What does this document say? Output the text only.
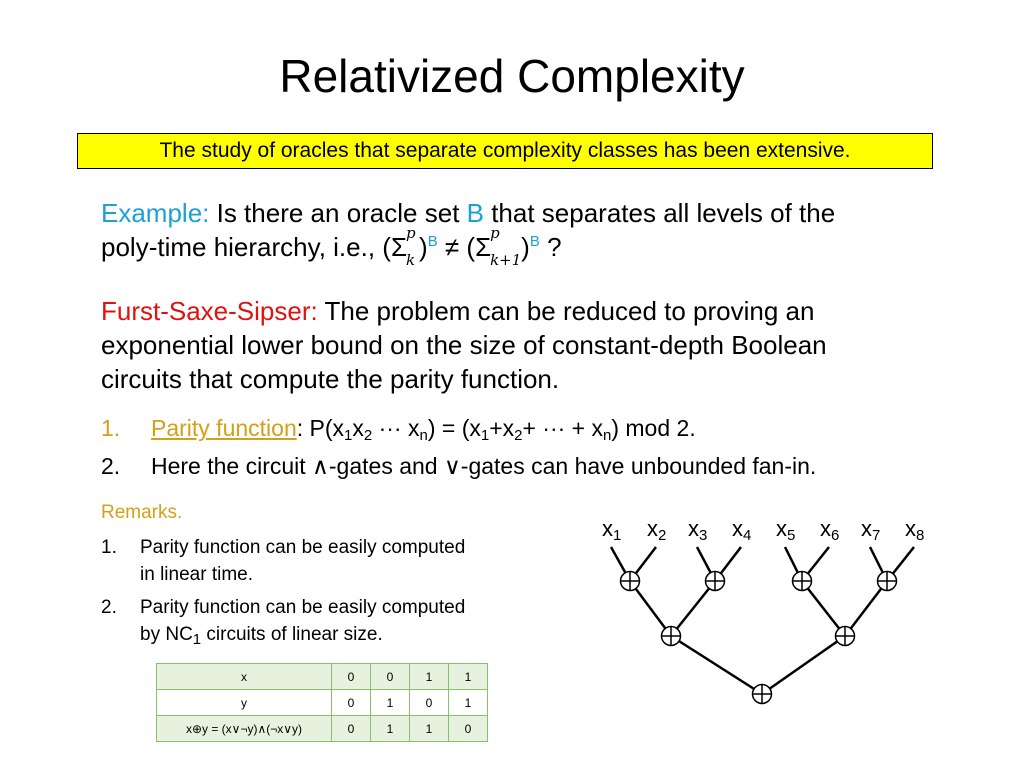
Relativized Complexity
The study of oracles that separate complexity classes has been extensive.
Example: Is there an oracle set B that separates all levels of the
poly-time hierarchy, i.e., (Σ
p
k )$^B$ ≠ (Σ
p
k+1 )$^B$ ?
Furst-Saxe-Sipser: The problem can be reduced to proving an
exponential lower bound on the size of constant-depth Boolean
circuits that compute the parity function.
1. Parity function: $P(x_1x_2$ ··· $x_n) = (x_1+x_2+$ ··· + $x_n$) mod 2.
2. Here the circuit ∧-gates and ∨-gates can have unbounded fan-in.
Remarks.
1. Parity function can be easily computed
in linear time.
2. Parity function can be easily computed
by $NC_1$ circuits of linear size.
x	0	0	1	1
y	0	1	0	1
x⊕y = (x∨¬y)∧(¬x∨y)	0	1	1	0
$x_1$ $x_2$ $x_3$ $x_4$ $x_5$ $x_6$ $x_7$ $x_8$
